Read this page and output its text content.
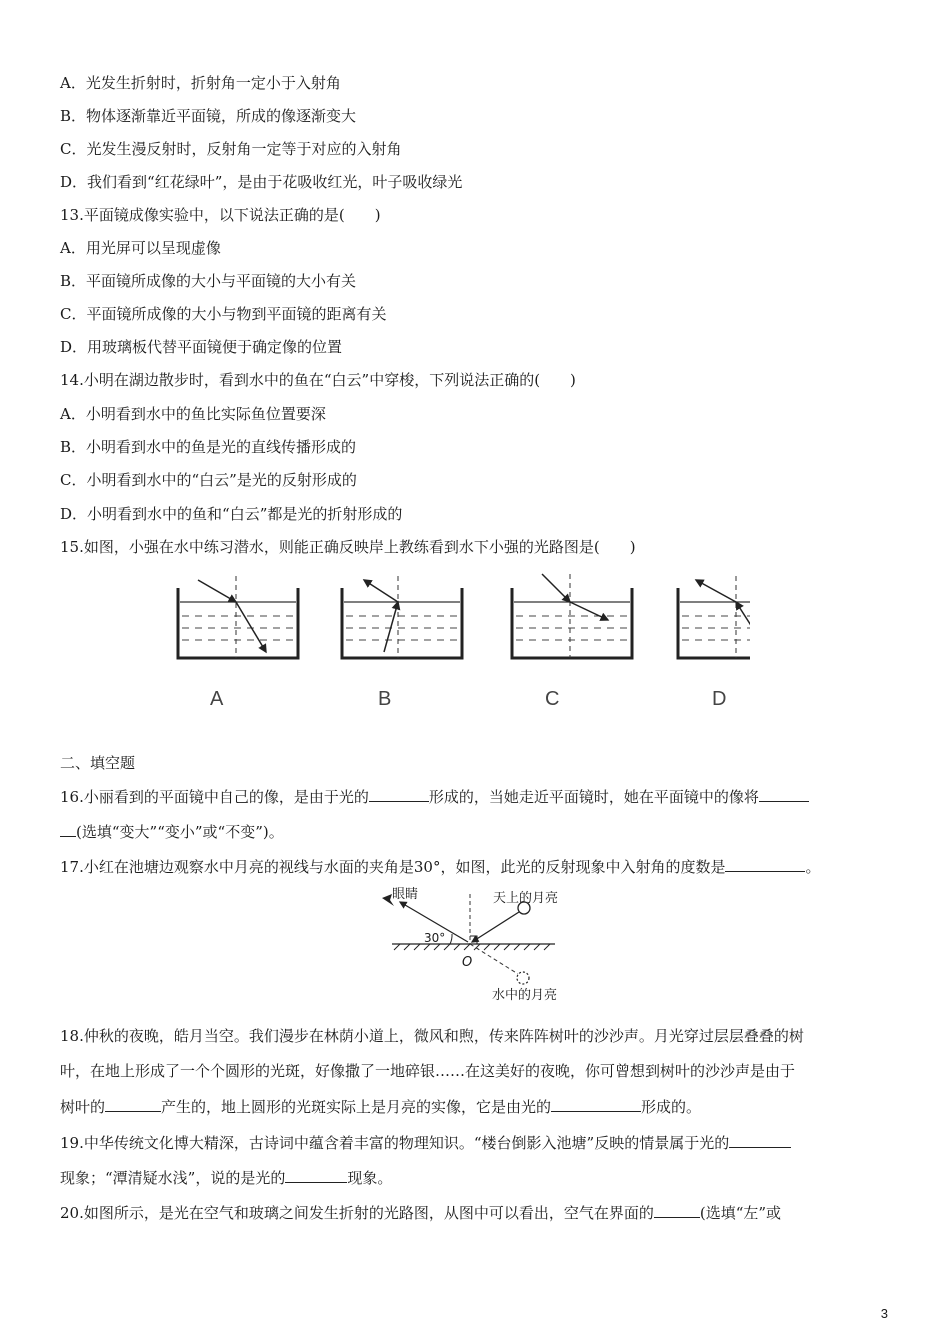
A．光发生折射时，折射角一定小于入射角
B．物体逐渐靠近平面镜，所成的像逐渐变大
C．光发生漫反射时，反射角一定等于对应的入射角
D．我们看到“红花绿叶”，是由于花吸收红光，叶子吸收绿光
13.平面镜成像实验中，以下说法正确的是(　　)
A．用光屏可以呈现虚像
B．平面镜所成像的大小与平面镜的大小有关
C．平面镜所成像的大小与物到平面镜的距离有关
D．用玻璃板代替平面镜便于确定像的位置
14.小明在湖边散步时，看到水中的鱼在“白云”中穿梭，下列说法正确的(　　)
A．小明看到水中的鱼比实际鱼位置要深
B．小明看到水中的鱼是光的直线传播形成的
C．小明看到水中的“白云”是光的反射形成的
D．小明看到水中的鱼和“白云”都是光的折射形成的
15.如图，小强在水中练习潜水，则能正确反映岸上教练看到水下小强的光路图是(　　)
A	B	C	D
二、填空题
16.小丽看到的平面镜中自己的像，是由于光的	形成的，当她走近平面镜时，她在平面镜中的像将
(选填“变大”“变小”或“不变”)。
17.小红在池塘边观察水中月亮的视线与水面的夹角是30°，如图，此光的反射现象中入射角的度数是	。
眼睛	天上的月亮
30°
O
水中的月亮
18.仲秋的夜晚，皓月当空。我们漫步在林荫小道上，微风和煦，传来阵阵树叶的沙沙声。月光穿过层层叠叠的树
叶，在地上形成了一个个圆形的光斑，好像撒了一地碎银……在这美好的夜晚，你可曾想到树叶的沙沙声是由于
树叶的	产生的，地上圆形的光斑实际上是月亮的实像，它是由光的	形成的。
19.中华传统文化博大精深，古诗词中蕴含着丰富的物理知识。“楼台倒影入池塘”反映的情景属于光的
现象；“潭清疑水浅”，说的是光的	现象。
20.如图所示，是光在空气和玻璃之间发生折射的光路图，从图中可以看出，空气在界面的	(选填“左”或
3
